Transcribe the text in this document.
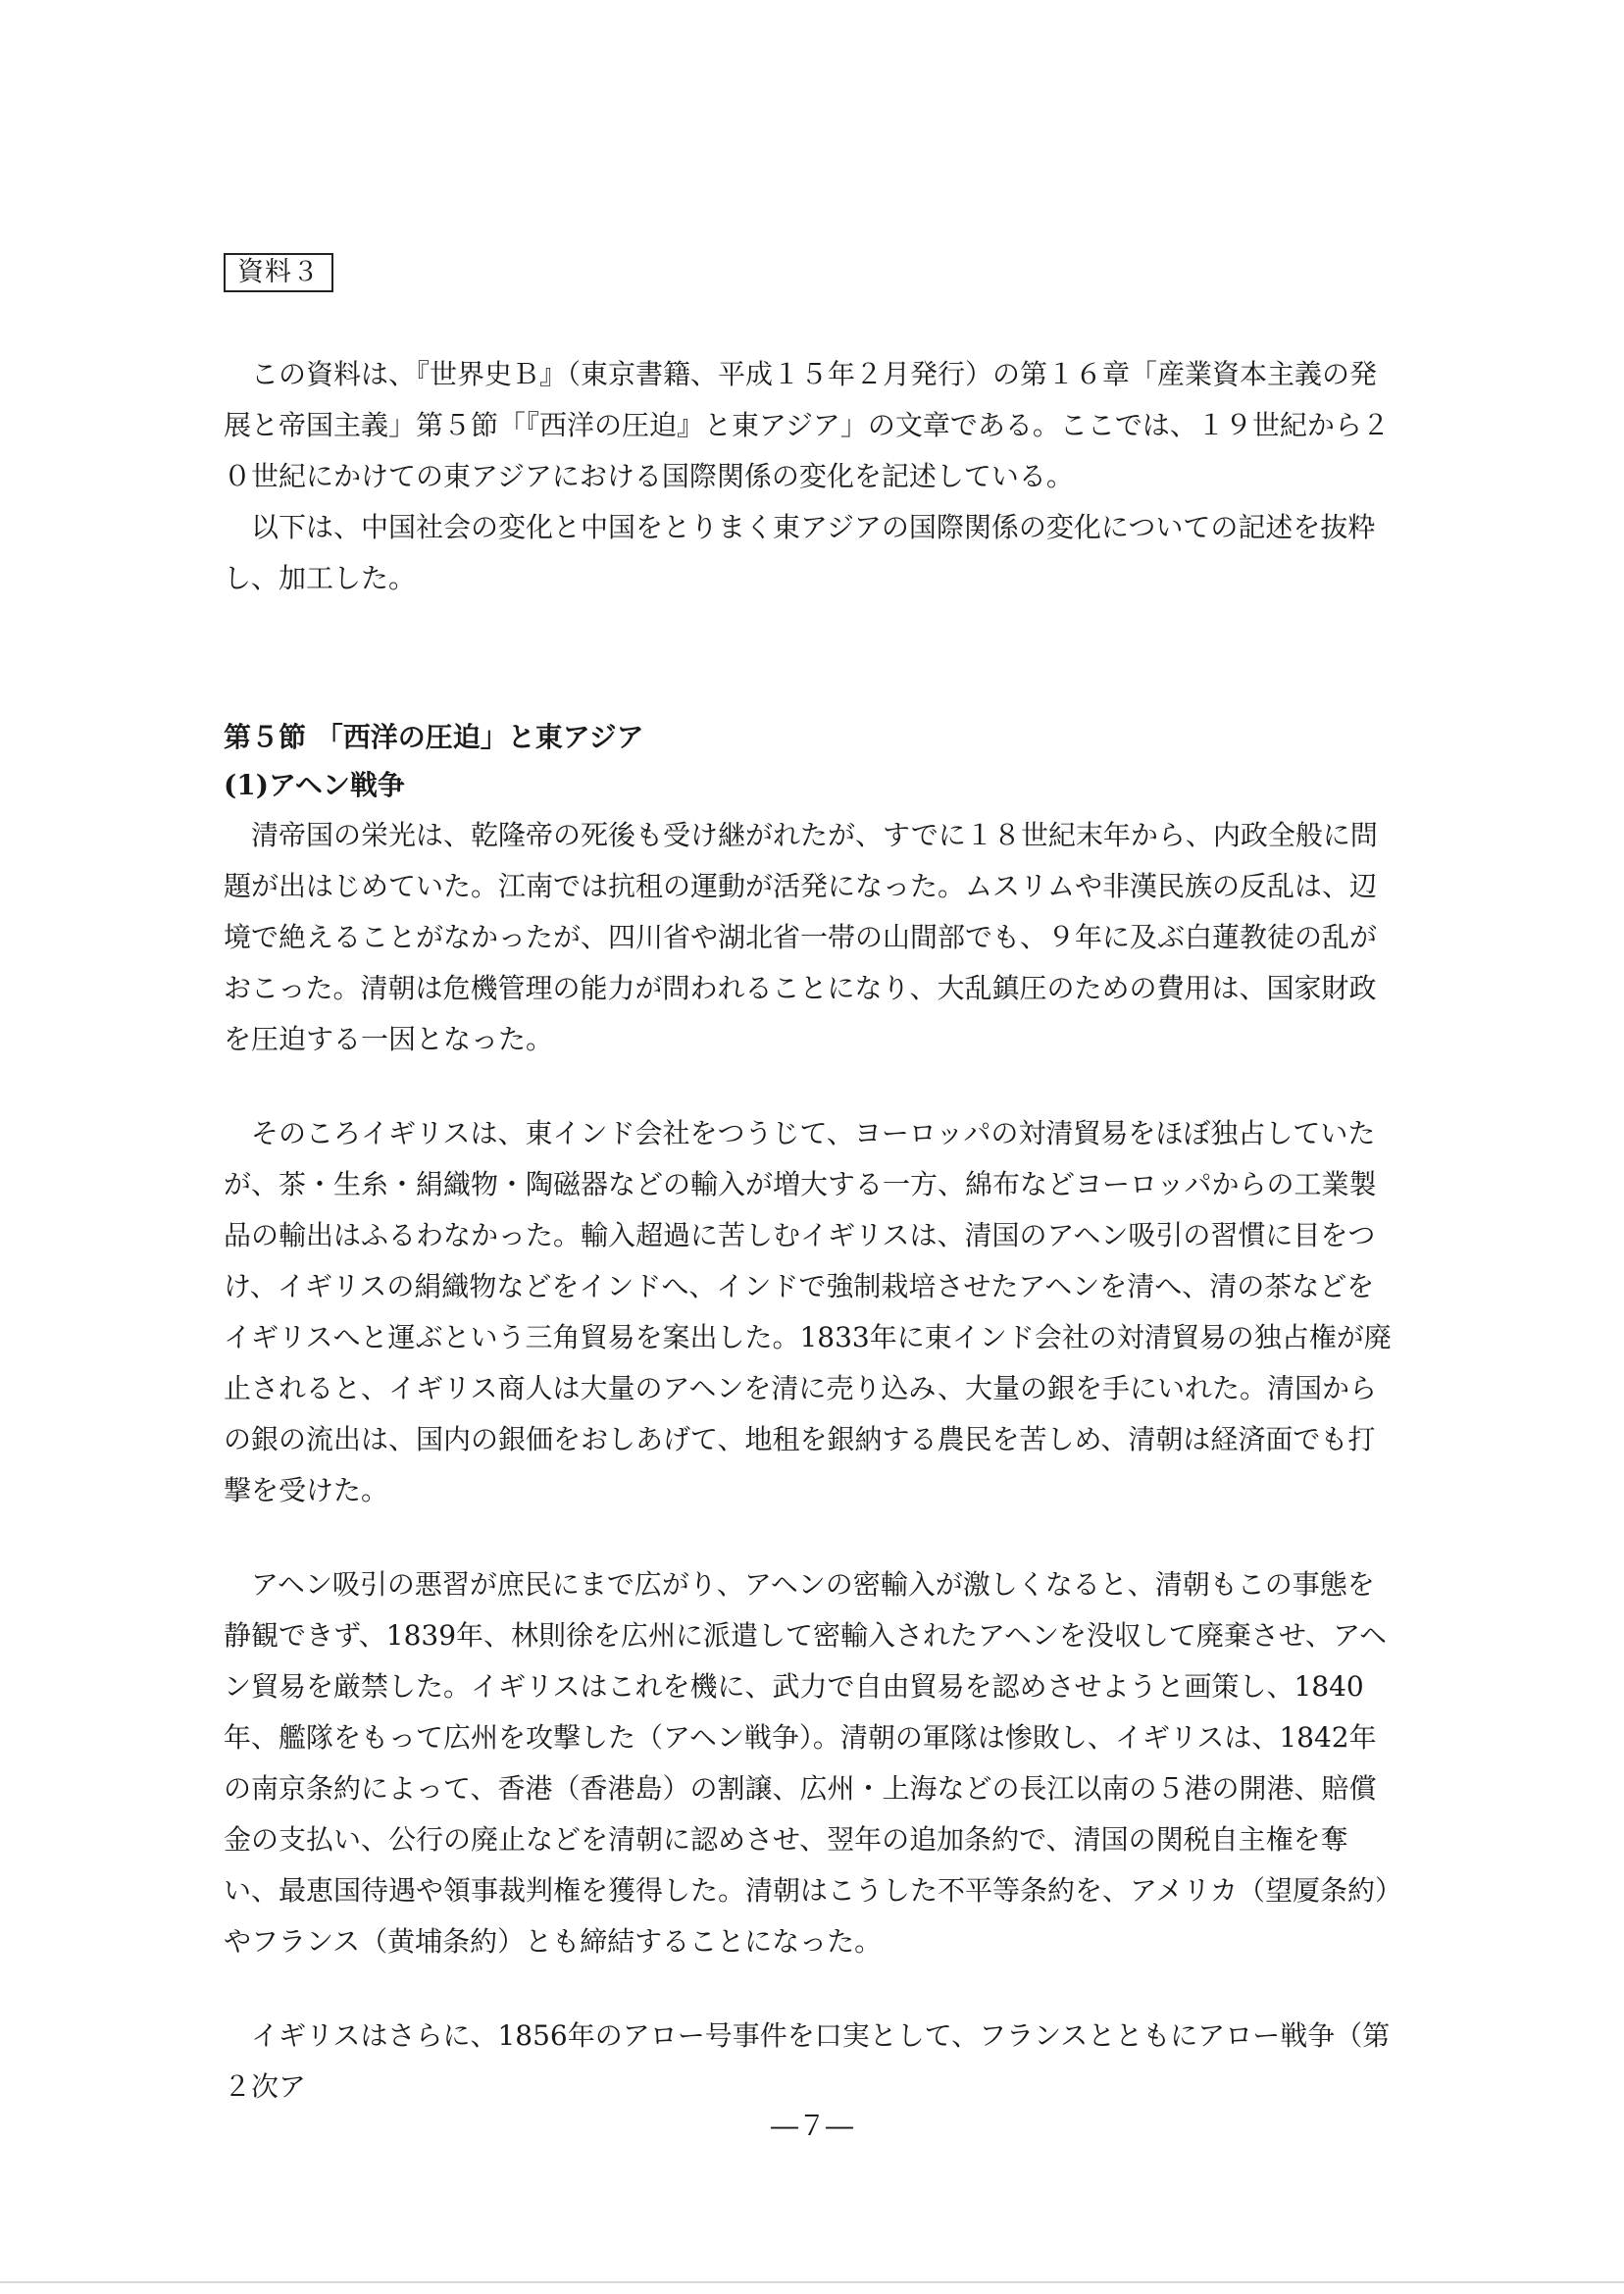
資料３

この資料は、『世界史Ｂ』（東京書籍、平成１５年２月発行）の第１６章「産業資本主義の発展と帝国主義」第５節「『西洋の圧迫』と東アジア」の文章である。ここでは、１９世紀から２０世紀にかけての東アジアにおける国際関係の変化を記述している。

以下は、中国社会の変化と中国をとりまく東アジアの国際関係の変化についての記述を抜粋し、加工した。

第５節 「西洋の圧迫」と東アジア
(1)アヘン戦争

清帝国の栄光は、乾隆帝の死後も受け継がれたが、すでに１８世紀末年から、内政全般に問題が出はじめていた。江南では抗租の運動が活発になった。ムスリムや非漢民族の反乱は、辺境で絶えることがなかったが、四川省や湖北省一帯の山間部でも、９年に及ぶ白蓮教徒の乱がおこった。清朝は危機管理の能力が問われることになり、大乱鎮圧のための費用は、国家財政を圧迫する一因となった。

そのころイギリスは、東インド会社をつうじて、ヨーロッパの対清貿易をほぼ独占していたが、茶・生糸・絹織物・陶磁器などの輸入が増大する一方、綿布などヨーロッパからの工業製品の輸出はふるわなかった。輸入超過に苦しむイギリスは、清国のアヘン吸引の習慣に目をつけ、イギリスの絹織物などをインドへ、インドで強制栽培させたアヘンを清へ、清の茶などをイギリスへと運ぶという三角貿易を案出した。1833年に東インド会社の対清貿易の独占権が廃止されると、イギリス商人は大量のアヘンを清に売り込み、大量の銀を手にいれた。清国からの銀の流出は、国内の銀価をおしあげて、地租を銀納する農民を苦しめ、清朝は経済面でも打撃を受けた。

アヘン吸引の悪習が庶民にまで広がり、アヘンの密輸入が激しくなると、清朝もこの事態を静観できず、1839年、林則徐を広州に派遣して密輸入されたアヘンを没収して廃棄させ、アヘン貿易を厳禁した。イギリスはこれを機に、武力で自由貿易を認めさせようと画策し、1840年、艦隊をもって広州を攻撃した（アヘン戦争）。清朝の軍隊は惨敗し、イギリスは、1842年の南京条約によって、香港（香港島）の割譲、広州・上海などの長江以南の５港の開港、賠償金の支払い、公行の廃止などを清朝に認めさせ、翌年の追加条約で、清国の関税自主権を奪い、最恵国待遇や領事裁判権を獲得した。清朝はこうした不平等条約を、アメリカ（望厦条約）やフランス（黄埔条約）とも締結することになった。

イギリスはさらに、1856年のアロー号事件を口実として、フランスとともにアロー戦争（第２次ア

―７―
